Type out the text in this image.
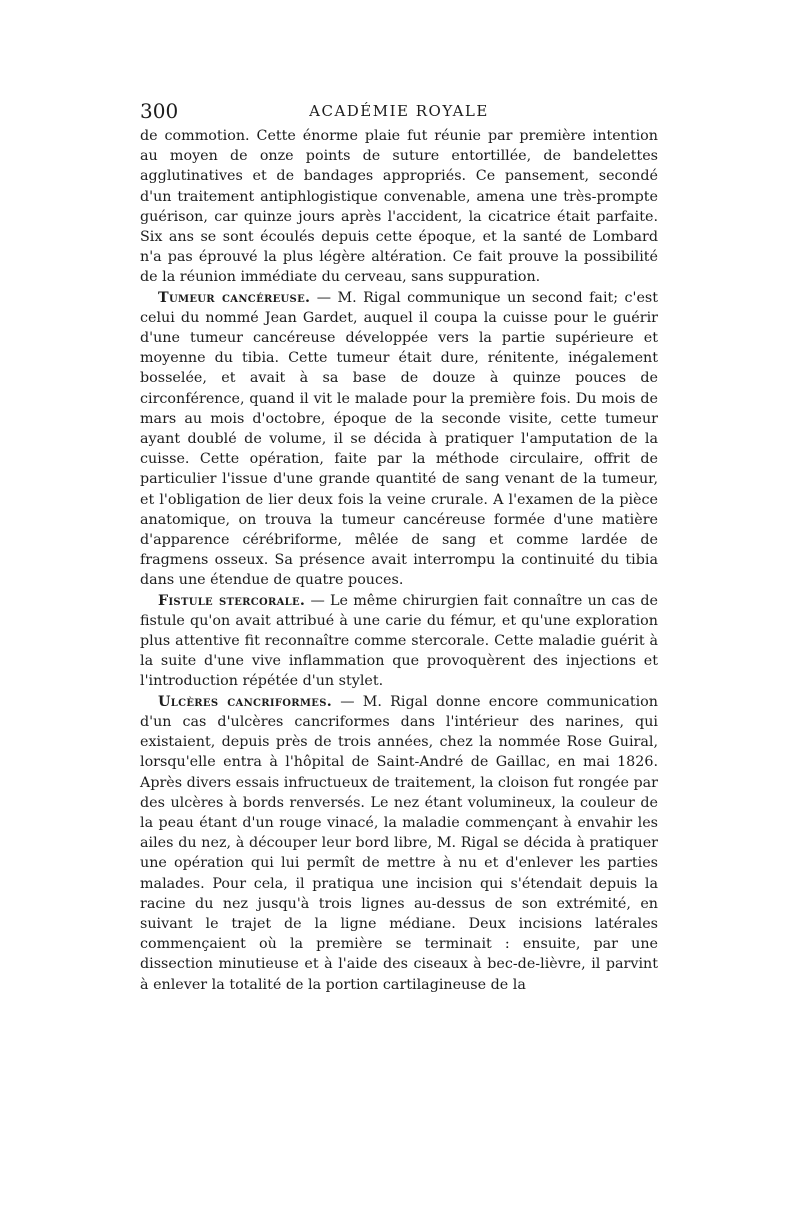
300	ACADÉMIE ROYALE

de commotion. Cette énorme plaie fut réunie par première intention au moyen de onze points de suture entortillée, de bandelettes agglutinatives et de bandages appropriés. Ce pansement, secondé d'un traitement antiphlogistique convenable, amena une très-prompte guérison, car quinze jours après l'accident, la cicatrice était parfaite. Six ans se sont écoulés depuis cette époque, et la santé de Lombard n'a pas éprouvé la plus légère altération. Ce fait prouve la possibilité de la réunion immédiate du cerveau, sans suppuration.

Tumeur cancéreuse. — M. Rigal communique un second fait; c'est celui du nommé Jean Gardet, auquel il coupa la cuisse pour le guérir d'une tumeur cancéreuse développée vers la partie supérieure et moyenne du tibia. Cette tumeur était dure, rénitente, inégalement bosselée, et avait à sa base de douze à quinze pouces de circonférence, quand il vit le malade pour la première fois. Du mois de mars au mois d'octobre, époque de la seconde visite, cette tumeur ayant doublé de volume, il se décida à pratiquer l'amputation de la cuisse. Cette opération, faite par la méthode circulaire, offrit de particulier l'issue d'une grande quantité de sang venant de la tumeur, et l'obligation de lier deux fois la veine crurale. A l'examen de la pièce anatomique, on trouva la tumeur cancéreuse formée d'une matière d'apparence cérébriforme, mêlée de sang et comme lardée de fragmens osseux. Sa présence avait interrompu la continuité du tibia dans une étendue de quatre pouces.

Fistule stercorale. — Le même chirurgien fait connaître un cas de fistule qu'on avait attribué à une carie du fémur, et qu'une exploration plus attentive fit reconnaître comme stercorale. Cette maladie guérit à la suite d'une vive inflammation que provoquèrent des injections et l'introduction répétée d'un stylet.

Ulcères cancriformes. — M. Rigal donne encore communication d'un cas d'ulcères cancriformes dans l'intérieur des narines, qui existaient, depuis près de trois années, chez la nommée Rose Guiral, lorsqu'elle entra à l'hôpital de Saint-André de Gaillac, en mai 1826. Après divers essais infructueux de traitement, la cloison fut rongée par des ulcères à bords renversés. Le nez étant volumineux, la couleur de la peau étant d'un rouge vinacé, la maladie commençant à envahir les ailes du nez, à découper leur bord libre, M. Rigal se décida à pratiquer une opération qui lui permît de mettre à nu et d'enlever les parties malades. Pour cela, il pratiqua une incision qui s'étendait depuis la racine du nez jusqu'à trois lignes au-dessus de son extrémité, en suivant le trajet de la ligne médiane. Deux incisions latérales commençaient où la première se terminait : ensuite, par une dissection minutieuse et à l'aide des ciseaux à bec-de-lièvre, il parvint à enlever la totalité de la portion cartilagineuse de la
